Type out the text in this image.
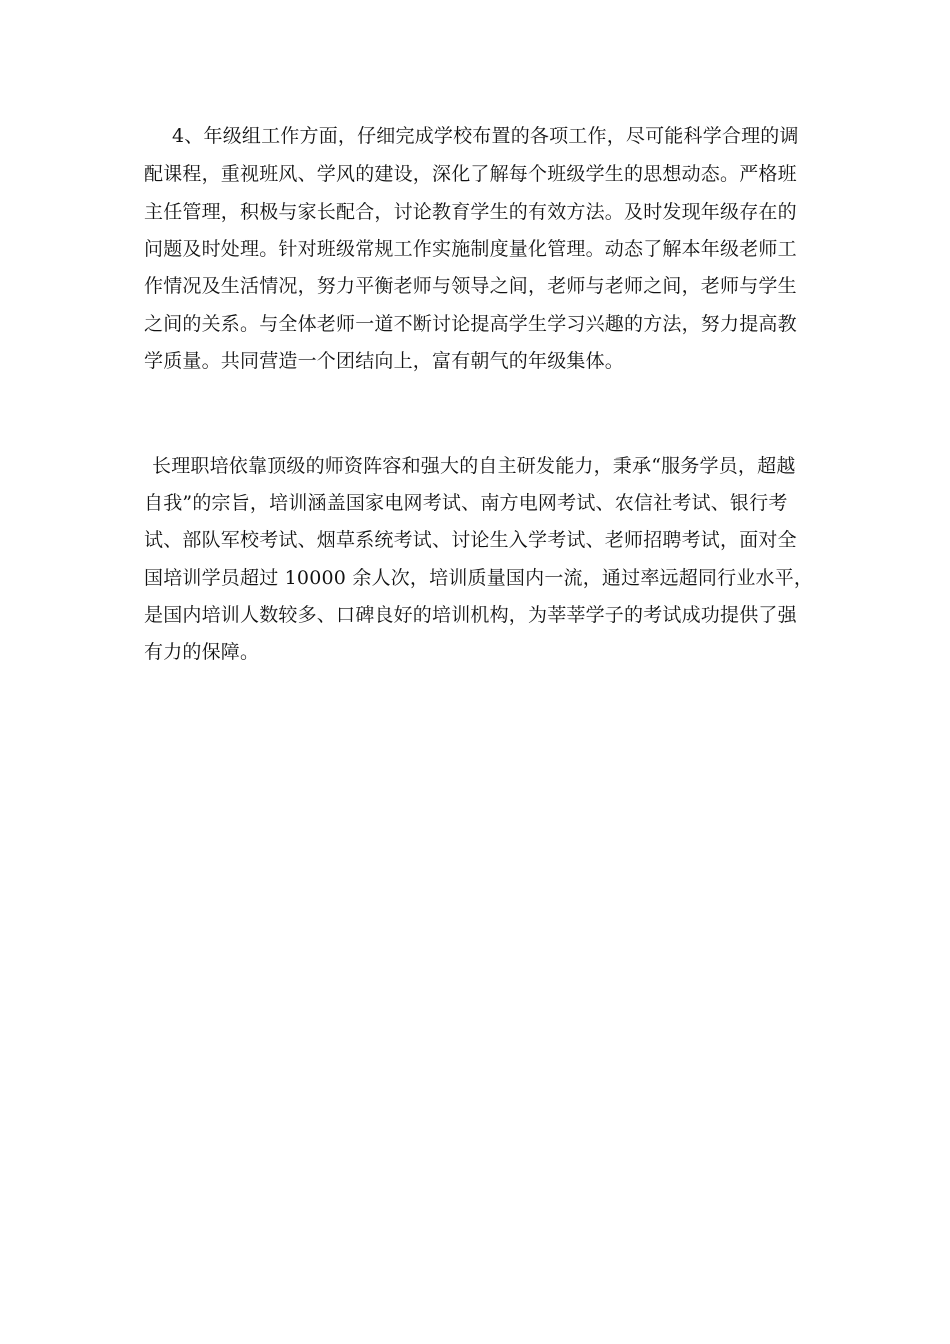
4、年级组工作方面，仔细完成学校布置的各项工作，尽可能科学合理的调
配课程，重视班风、学风的建设，深化了解每个班级学生的思想动态。严格班
主任管理，积极与家长配合，讨论教育学生的有效方法。及时发现年级存在的
问题及时处理。针对班级常规工作实施制度量化管理。动态了解本年级老师工
作情况及生活情况，努力平衡老师与领导之间，老师与老师之间，老师与学生
之间的关系。与全体老师一道不断讨论提高学生学习兴趣的方法，努力提高教
学质量。共同营造一个团结向上，富有朝气的年级集体。
长理职培依靠顶级的师资阵容和强大的自主研发能力，秉承“服务学员，超越
自我”的宗旨，培训涵盖国家电网考试、南方电网考试、农信社考试、银行考
试、部队军校考试、烟草系统考试、讨论生入学考试、老师招聘考试，面对全
国培训学员超过 10000 余人次，培训质量国内一流，通过率远超同行业水平，
是国内培训人数较多、口碑良好的培训机构，为莘莘学子的考试成功提供了强
有力的保障。
